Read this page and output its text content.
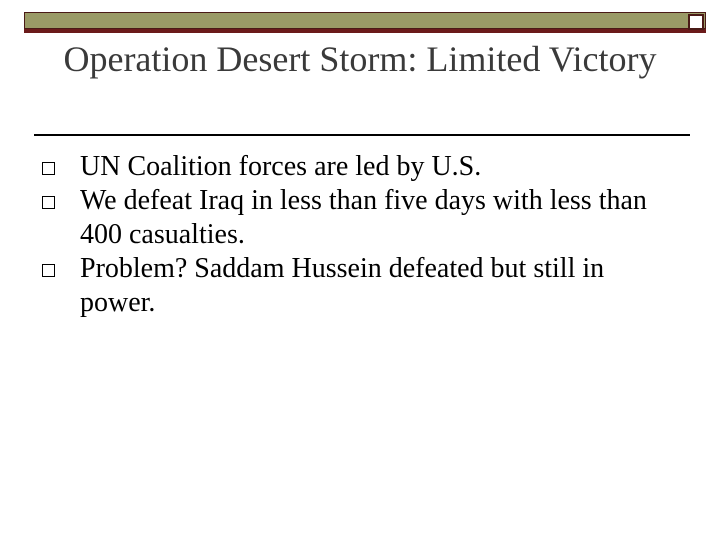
Operation Desert Storm: Limited Victory
UN Coalition forces are led by U.S.
We defeat Iraq in less than five days with less than 400 casualties.
Problem? Saddam Hussein defeated but still in power.
